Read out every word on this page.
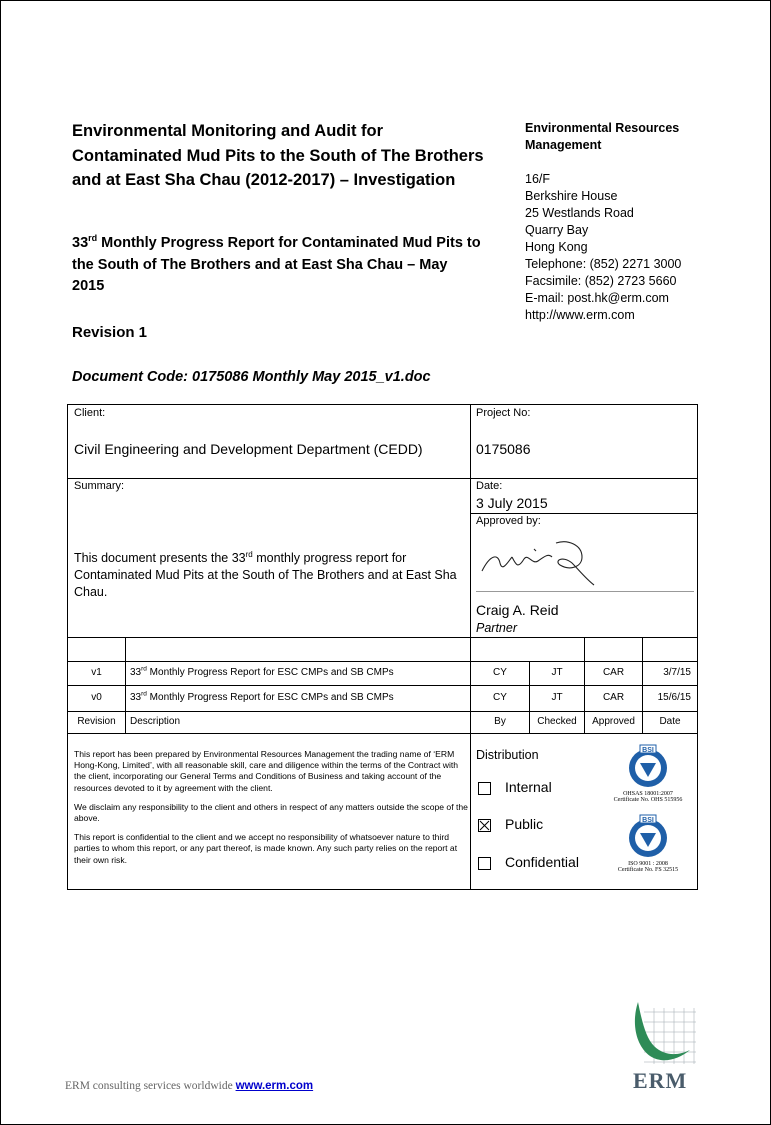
Environmental Monitoring and Audit for Contaminated Mud Pits to the South of The Brothers and at East Sha Chau (2012-2017) – Investigation
33rd Monthly Progress Report for Contaminated Mud Pits to the South of The Brothers and at East Sha Chau – May 2015
Revision 1
Document Code: 0175086 Monthly May 2015_v1.doc
Environmental Resources Management
16/F
Berkshire House
25 Westlands Road
Quarry Bay
Hong Kong
Telephone: (852) 2271 3000
Facsimile: (852) 2723 5660
E-mail: post.hk@erm.com
http://www.erm.com
Client:
Civil Engineering and Development Department (CEDD)
Project No:
0175086
Summary:
This document presents the 33rd monthly progress report for Contaminated Mud Pits at the South of The Brothers and at East Sha Chau.
Date:
3 July 2015
Approved by:
Craig A. Reid
Partner
v1	33rd Monthly Progress Report for ESC CMPs and SB CMPs	CY	JT	CAR	3/7/15
v0	33rd Monthly Progress Report for ESC CMPs and SB CMPs	CY	JT	CAR	15/6/15
Revision	Description	By	Checked	Approved	Date

This report has been prepared by Environmental Resources Management the trading name of ‘ERM Hong-Kong, Limited’, with all reasonable skill, care and diligence within the terms of the Contract with the client, incorporating our General Terms and Conditions of Business and taking account of the resources devoted to it by agreement with the client.

We disclaim any responsibility to the client and others in respect of any matters outside the scope of the above.

This report is confidential to the client and we accept no responsibility of whatsoever nature to third parties to whom this report, or any part thereof, is made known. Any such party relies on the report at their own risk.

Distribution
Internal
Public
Confidential
BSI
OHSAS 18001:2007
Certificate No. OHS 515956
BSI
ISO 9001 : 2008
Certificate No. FS 32515
ERM
ERM consulting services worldwide www.erm.com
